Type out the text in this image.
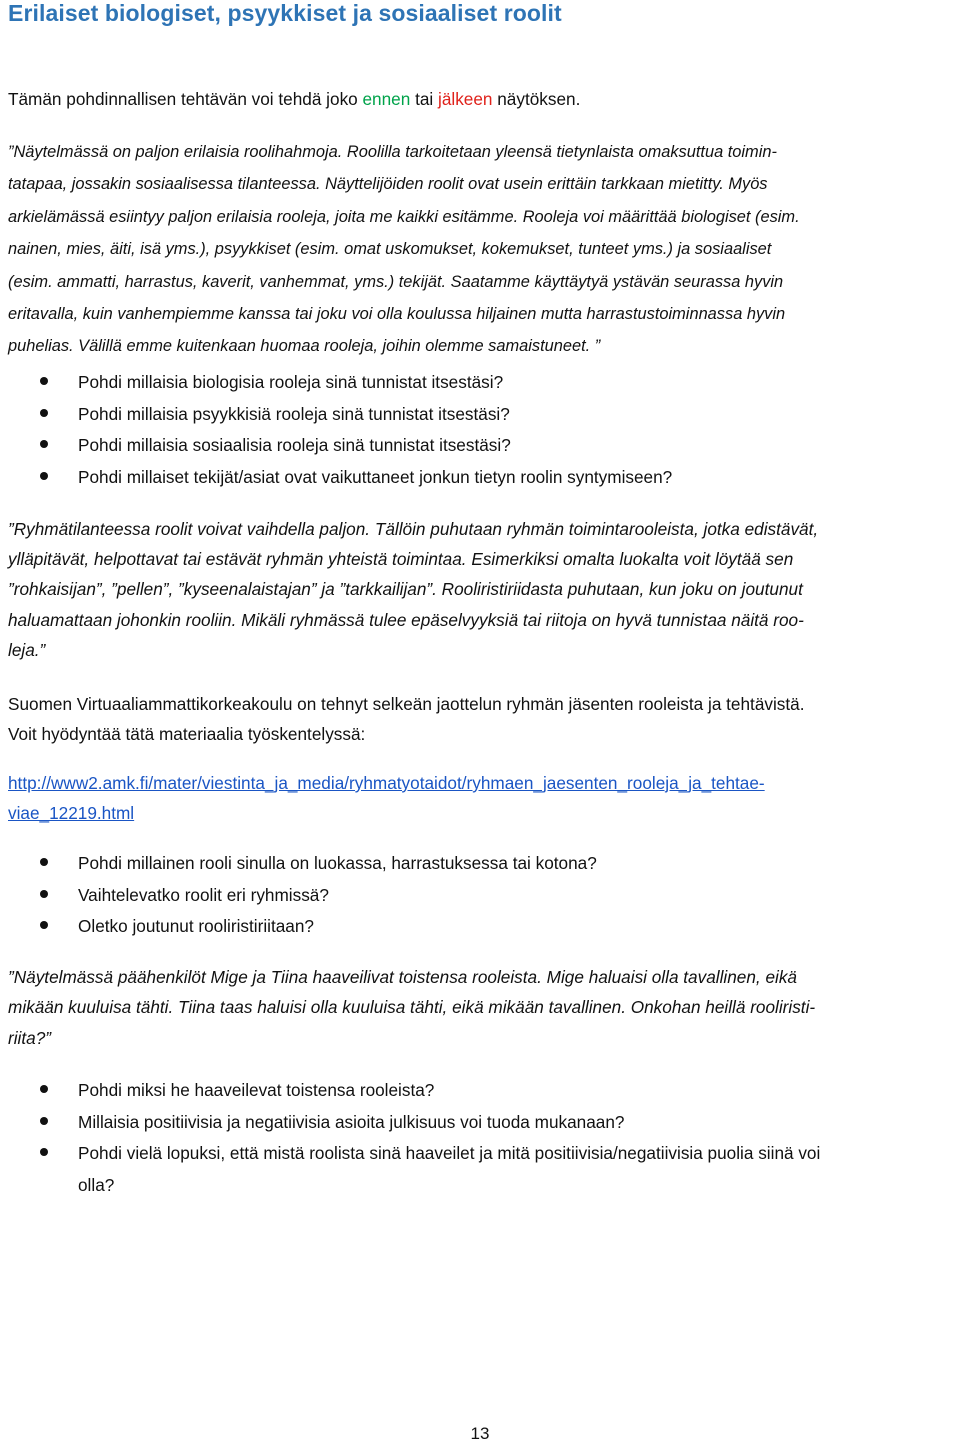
Erilaiset biologiset, psyykkiset ja sosiaaliset roolit

Tämän pohdinnallisen tehtävän voi tehdä joko ennen tai jälkeen näytöksen.

”Näytelmässä on paljon erilaisia roolihahmoja. Roolilla tarkoitetaan yleensä tietynlaista omaksuttua toimin-
tatapaa, jossakin sosiaalisessa tilanteessa. Näyttelijöiden roolit ovat usein erittäin tarkkaan mietitty. Myös
arkielämässä esiintyy paljon erilaisia rooleja, joita me kaikki esitämme. Rooleja voi määrittää biologiset (esim.
nainen, mies, äiti, isä yms.), psyykkiset (esim. omat uskomukset, kokemukset, tunteet yms.) ja sosiaaliset
(esim. ammatti, harrastus, kaverit, vanhemmat, yms.) tekijät. Saatamme käyttäytyä ystävän seurassa hyvin
eritavalla, kuin vanhempiemme kanssa tai joku voi olla koulussa hiljainen mutta harrastustoiminnassa hyvin
puhelias. Välillä emme kuitenkaan huomaa rooleja, joihin olemme samaistuneet. ”
Pohdi millaisia biologisia rooleja sinä tunnistat itsestäsi?
Pohdi millaisia psyykkisiä rooleja sinä tunnistat itsestäsi?
Pohdi millaisia sosiaalisia rooleja sinä tunnistat itsestäsi?
Pohdi millaiset tekijät/asiat ovat vaikuttaneet jonkun tietyn roolin syntymiseen?
”Ryhmätilanteessa roolit voivat vaihdella paljon. Tällöin puhutaan ryhmän toimintarooleista, jotka edistävät,
ylläpitävät, helpottavat tai estävät ryhmän yhteistä toimintaa. Esimerkiksi omalta luokalta voit löytää sen
”rohkaisijan”, ”pellen”, ”kyseenalaistajan” ja ”tarkkailijan”. Rooliristiriidasta puhutaan, kun joku on joutunut
haluamattaan johonkin rooliin. Mikäli ryhmässä tulee epäselvyyksiä tai riitoja on hyvä tunnistaa näitä roo-
leja.”
Suomen Virtuaaliammattikorkeakoulu on tehnyt selkeän jaottelun ryhmän jäsenten rooleista ja tehtävistä.
Voit hyödyntää tätä materiaalia työskentelyssä:
http://www2.amk.fi/mater/viestinta_ja_media/ryhmatyotaidot/ryhmaen_jaesenten_rooleja_ja_tehtae-
viae_12219.html
Pohdi millainen rooli sinulla on luokassa, harrastuksessa tai kotona?
Vaihtelevatko roolit eri ryhmissä?
Oletko joutunut rooliristiriitaan?
”Näytelmässä päähenkilöt Mige ja Tiina haaveilivat toistensa rooleista. Mige haluaisi olla tavallinen, eikä
mikään kuuluisa tähti. Tiina taas haluisi olla kuuluisa tähti, eikä mikään tavallinen. Onkohan heillä rooliristi-
riita?”
Pohdi miksi he haaveilevat toistensa rooleista?
Millaisia positiivisia ja negatiivisia asioita julkisuus voi tuoda mukanaan?
Pohdi vielä lopuksi, että mistä roolista sinä haaveilet ja mitä positiivisia/negatiivisia puolia siinä voi
olla?
13
